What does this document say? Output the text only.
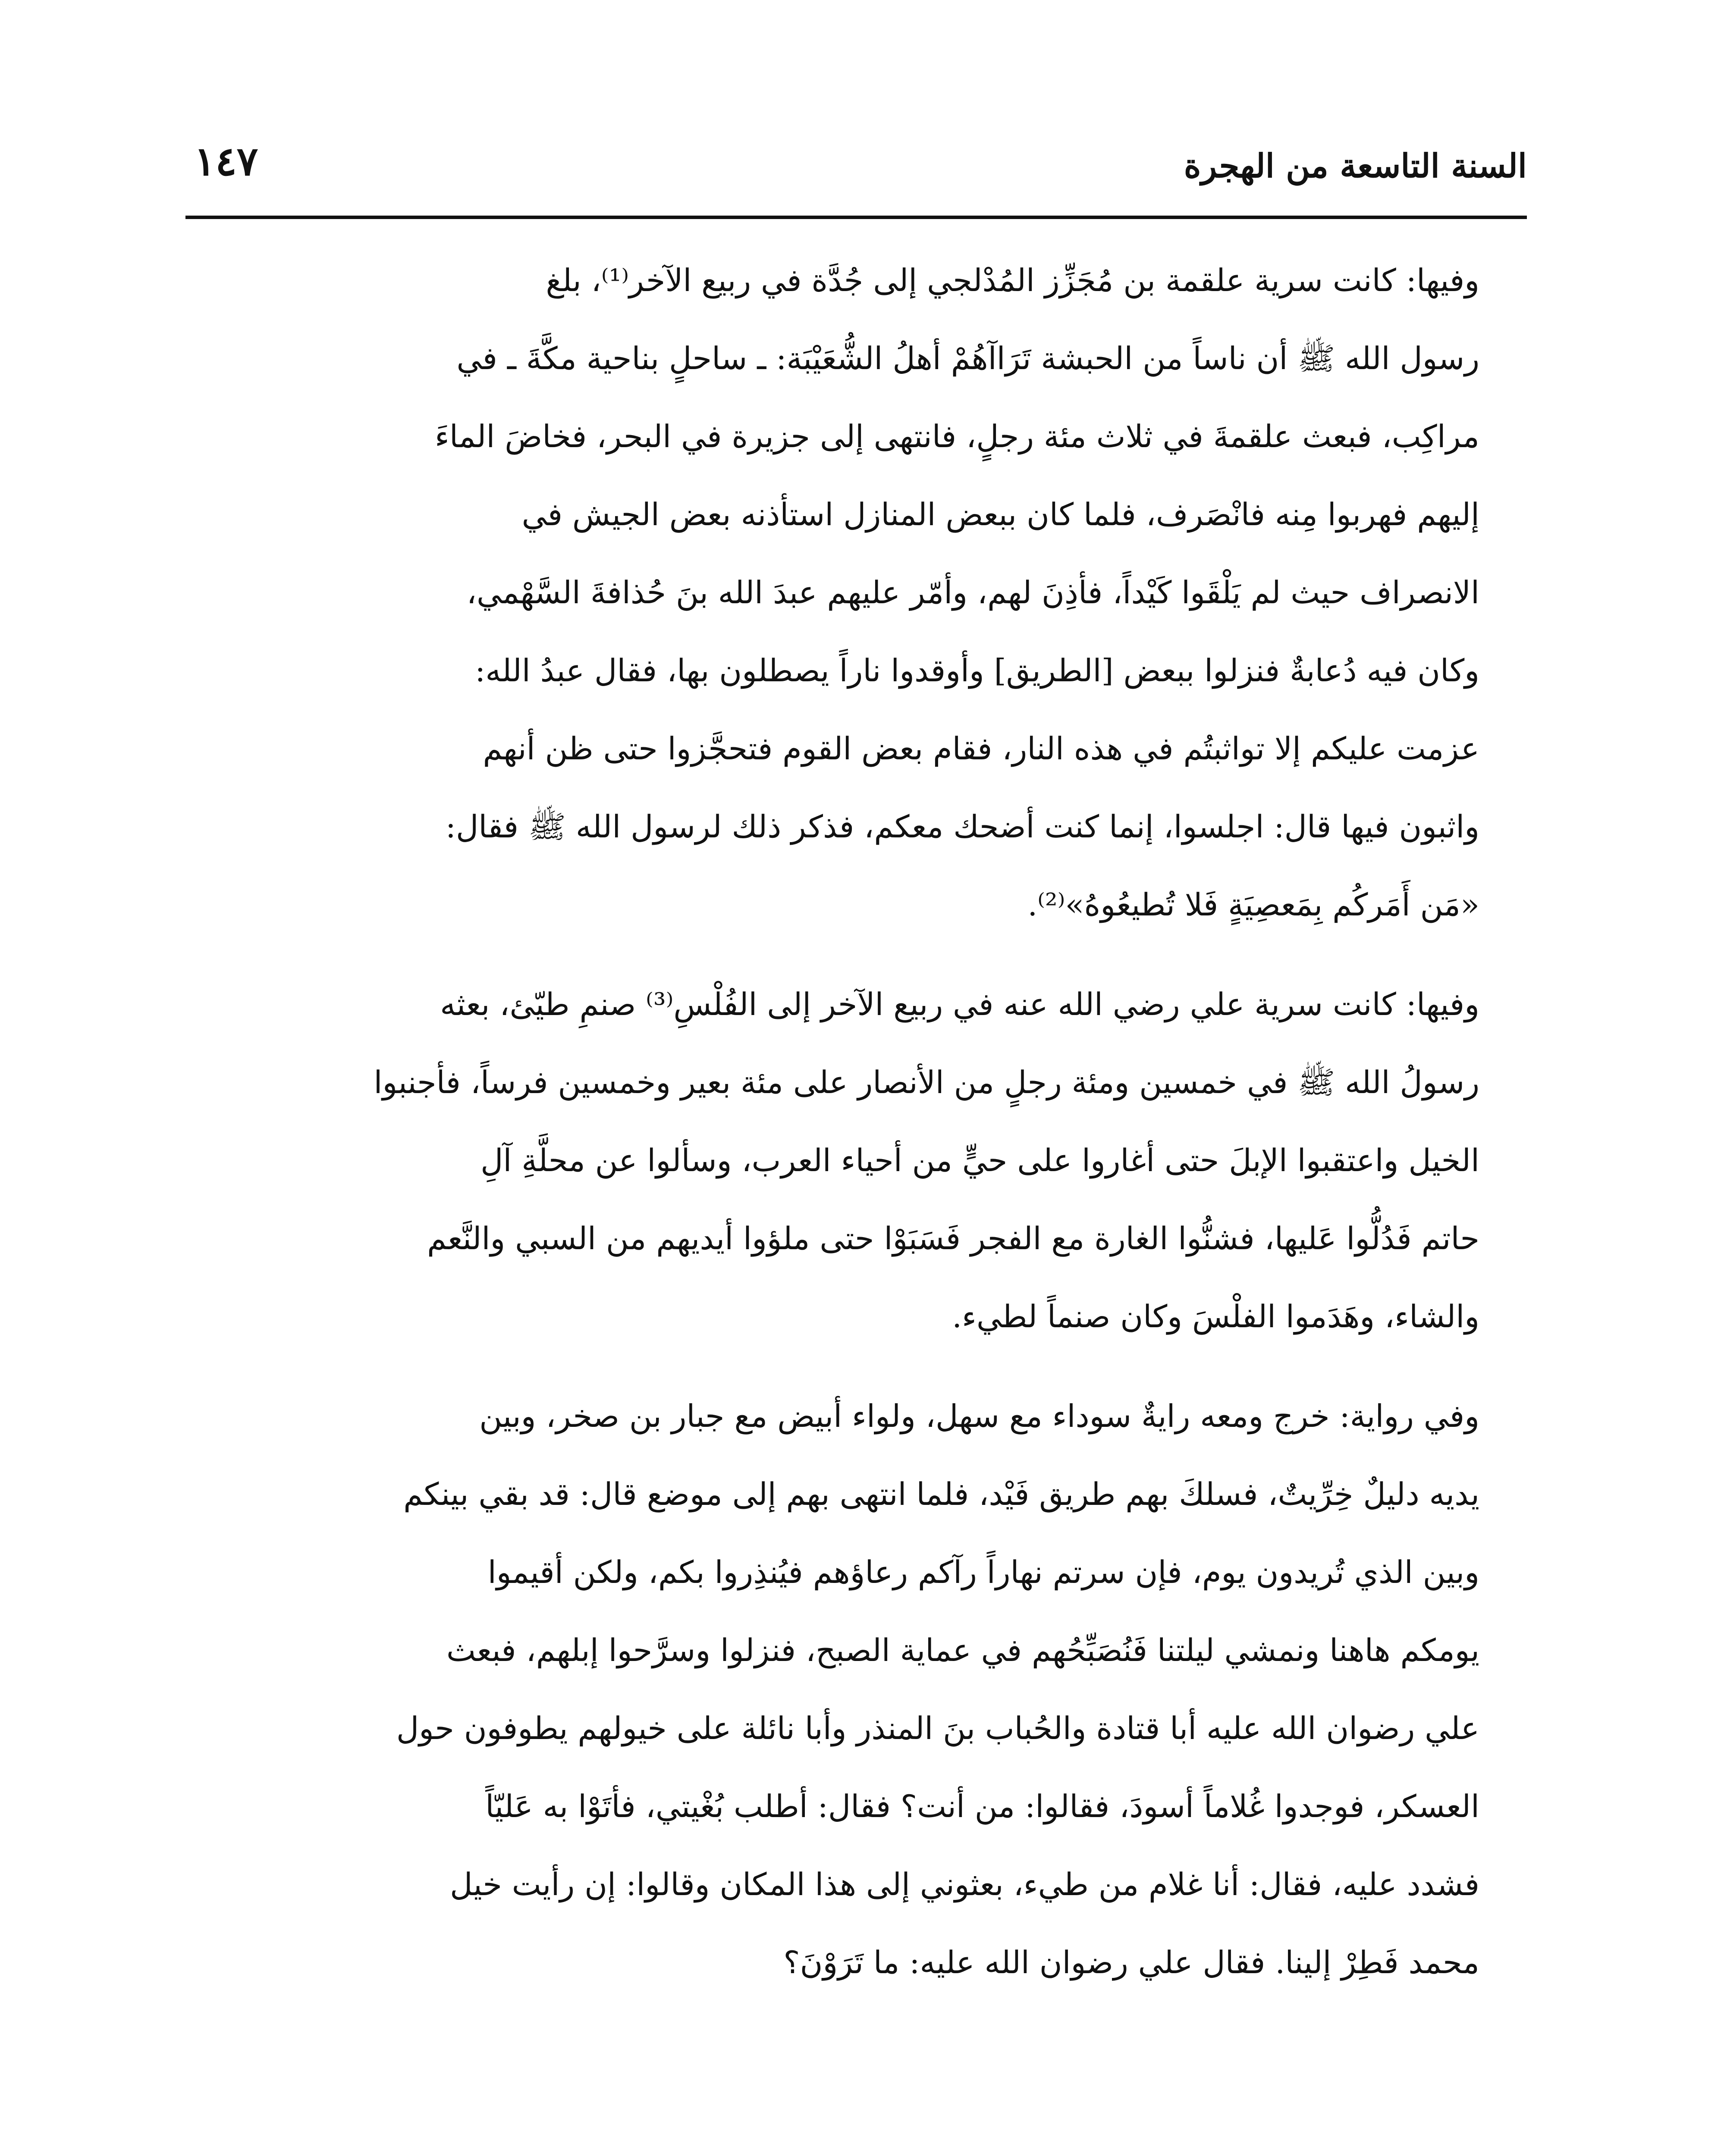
السنة التاسعة من الهجرة
١٤٧

وفيها: كانت سرية علقمة بن مُجَزِّز المُدْلجي إلى جُدَّة في ربيع الآخر⁽¹⁾، بلغ
رسول الله ﷺ أن ناساً من الحبشة تَرَاآهُمْ أهلُ الشُّعَيْبَة: ـ ساحلٍ بناحية مكَّةَ ـ في
مراكِب، فبعث علقمةَ في ثلاث مئة رجلٍ، فانتهى إلى جزيرة في البحر، فخاضَ الماءَ
إليهم فهربوا مِنه فانْصَرف، فلما كان ببعض المنازل استأذنه بعض الجيش في
الانصراف حيث لم يَلْقَوا كَيْداً، فأذِنَ لهم، وأمّر عليهم عبدَ الله بنَ حُذافةَ السَّهْمي،
وكان فيه دُعابةٌ فنزلوا ببعض [الطريق] وأوقدوا ناراً يصطلون بها، فقال عبدُ الله:
عزمت عليكم إلا تواثبتُم في هذه النار، فقام بعض القوم فتحجَّزوا حتى ظن أنهم
واثبون فيها قال: اجلسوا، إنما كنت أضحك معكم، فذكر ذلك لرسول الله ﷺ فقال:
«مَن أَمَركُم بِمَعصِيَةٍ فَلا تُطيعُوهُ»⁽²⁾.

وفيها: كانت سرية علي رضي الله عنه في ربيع الآخر إلى الفُلْسِ⁽³⁾ صنمِ طيّئ، بعثه
رسولُ الله ﷺ في خمسين ومئة رجلٍ من الأنصار على مئة بعير وخمسين فرساً، فأجنبوا
الخيل واعتقبوا الإبلَ حتى أغاروا على حيٍّ من أحياء العرب، وسألوا عن محلَّةِ آلِ
حاتم فَدُلُّوا عَليها، فشنُّوا الغارة مع الفجر فَسَبَوْا حتى ملؤوا أيديهم من السبي والنَّعم
والشاء، وهَدَموا الفلْسَ وكان صنماً لطيء.

وفي رواية: خرج ومعه رايةٌ سوداء مع سهل، ولواء أبيض مع جبار بن صخر، وبين
يديه دليلٌ خِرِّيتٌ، فسلكَ بهم طريق فَيْد، فلما انتهى بهم إلى موضع قال: قد بقي بينكم
وبين الذي تُريدون يوم، فإن سرتم نهاراً رآكم رعاؤهم فيُنذِروا بكم، ولكن أقيموا
يومكم هاهنا ونمشي ليلتنا فَنُصَبِّحُهم في عماية الصبح، فنزلوا وسرَّحوا إبلهم، فبعث
علي رضوان الله عليه أبا قتادة والحُباب بنَ المنذر وأبا نائلة على خيولهم يطوفون حول
العسكر، فوجدوا غُلاماً أسودَ، فقالوا: من أنت؟ فقال: أطلب بُغْيتي، فأتَوْا به عَليّاً
فشدد عليه، فقال: أنا غلام من طيء، بعثوني إلى هذا المكان وقالوا: إن رأيت خيل
محمد فَطِرْ إلينا. فقال علي رضوان الله عليه: ما تَرَوْنَ؟
